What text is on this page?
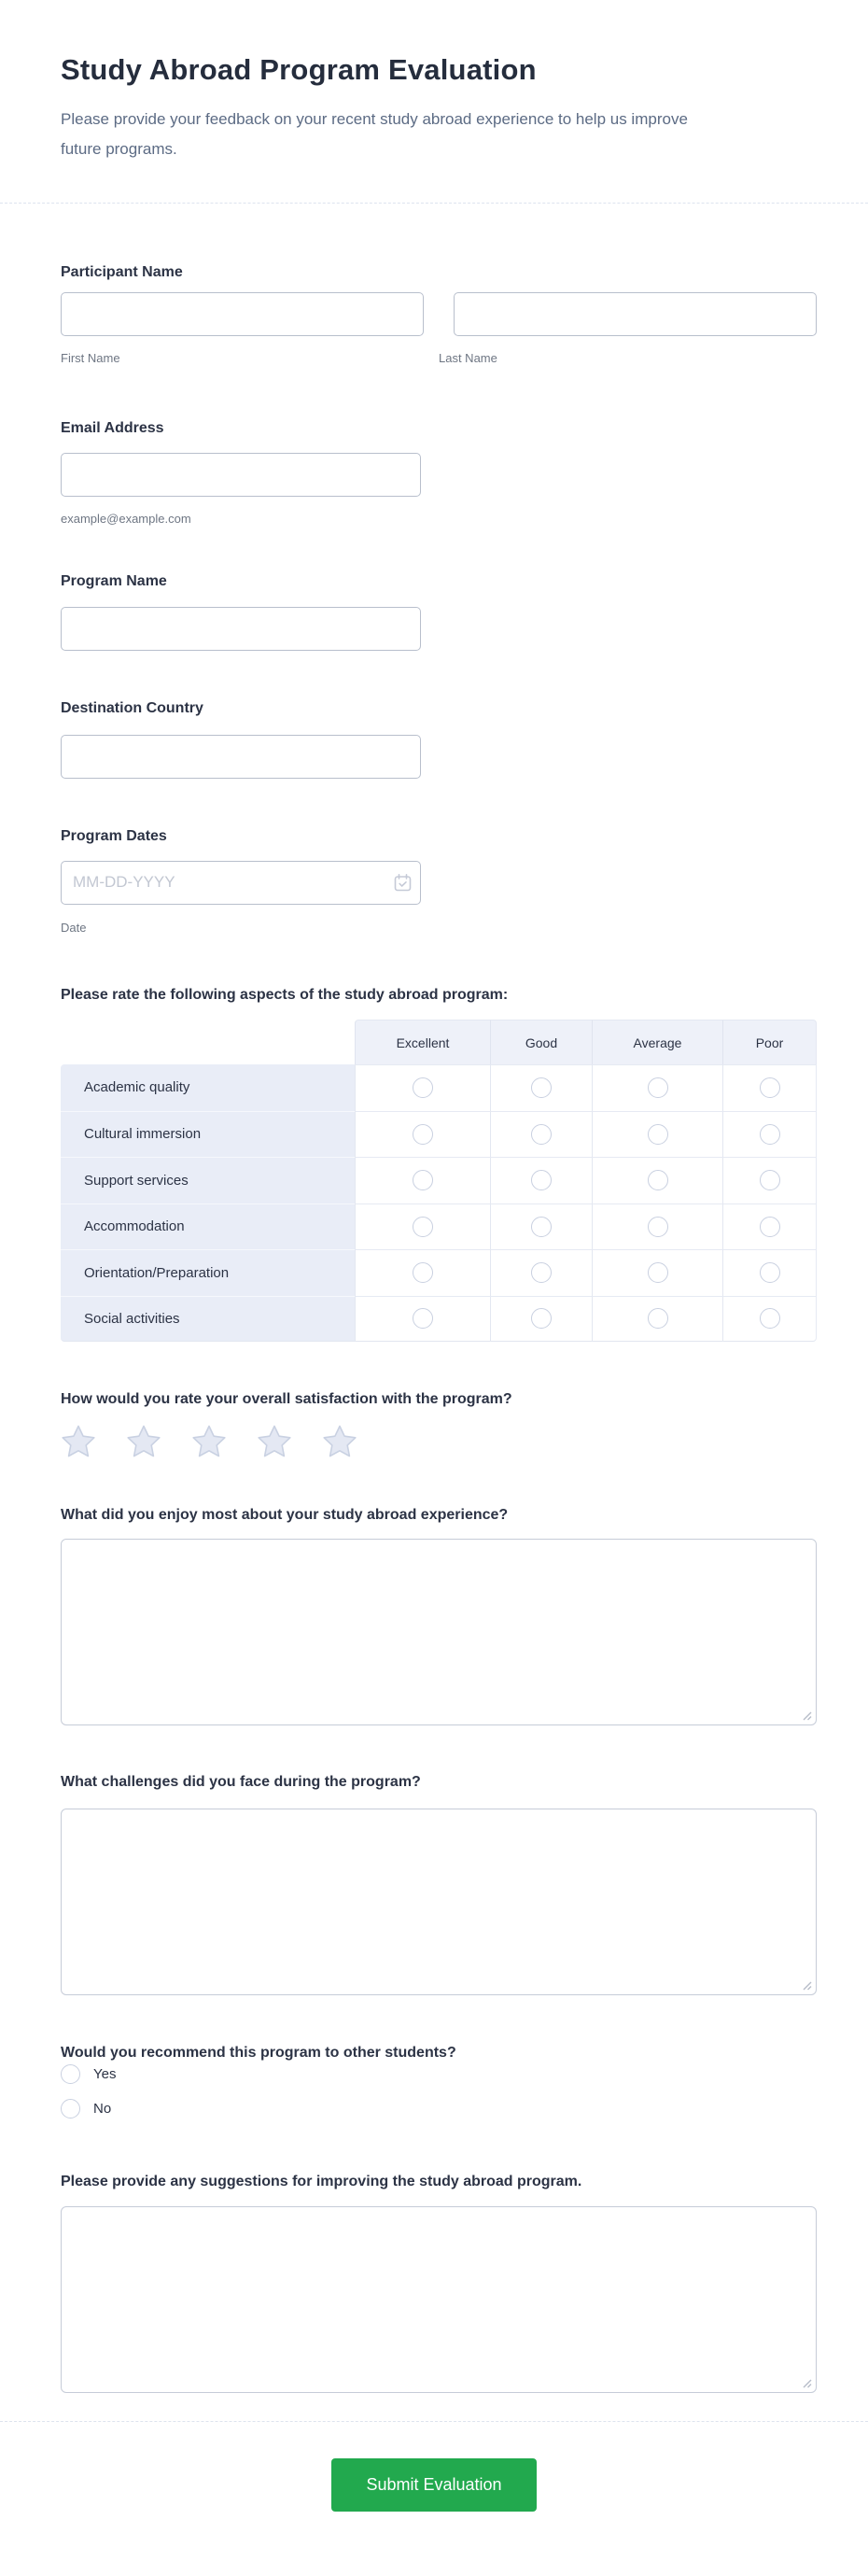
Study Abroad Program Evaluation
Please provide your feedback on your recent study abroad experience to help us improve future programs.
Participant Name
First Name	Last Name
Email Address
example@example.com
Program Name
Destination Country
Program Dates
MM-DD-YYYY
Date
Please rate the following aspects of the study abroad program:
	Excellent	Good	Average	Poor
Academic quality				
Cultural immersion				
Support services				
Accommodation				
Orientation/Preparation				
Social activities				
How would you rate your overall satisfaction with the program?
What did you enjoy most about your study abroad experience?
What challenges did you face during the program?
Would you recommend this program to other students?
Yes
No
Please provide any suggestions for improving the study abroad program.
Submit Evaluation
